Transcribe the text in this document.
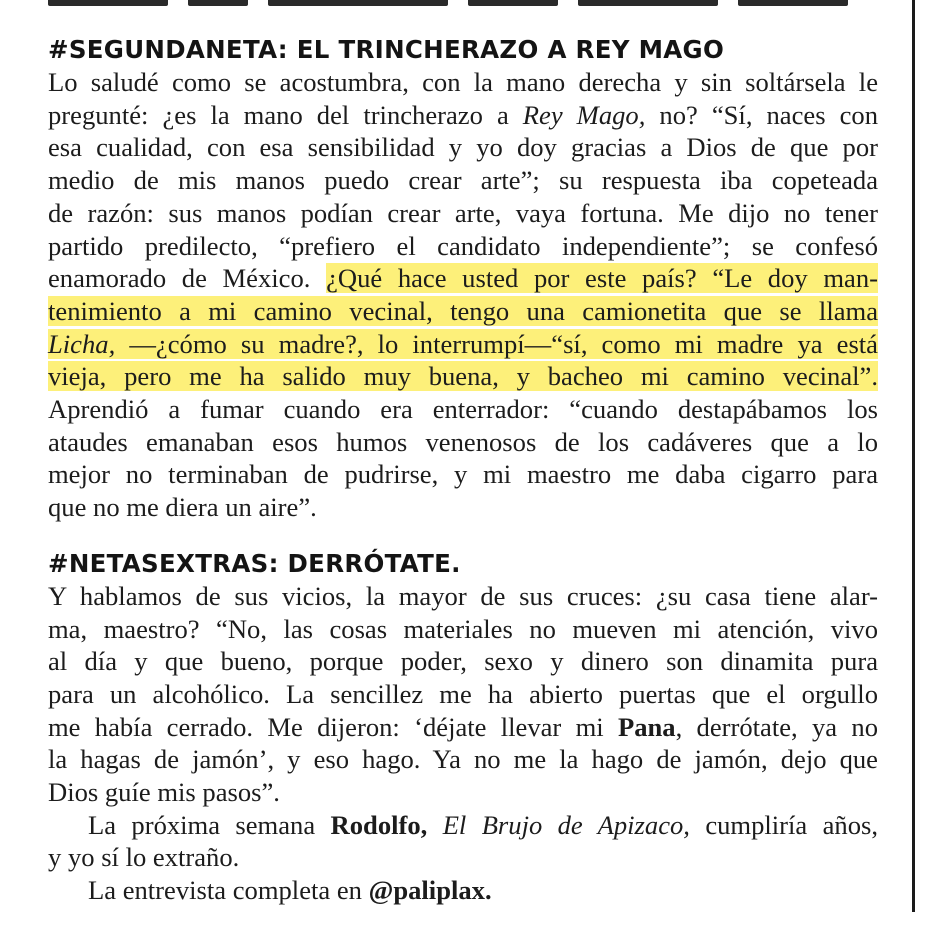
#SEGUNDANETA: EL TRINCHERAZO A REY MAGO
Lo saludé como se acostumbra, con la mano derecha y sin soltársela le
pregunté: ¿es la mano del trincherazo a Rey Mago, no? “Sí, naces con
esa cualidad, con esa sensibilidad y yo doy gracias a Dios de que por
medio de mis manos puedo crear arte”; su respuesta iba copeteada
de razón: sus manos podían crear arte, vaya fortuna. Me dijo no tener
partido predilecto, “prefiero el candidato independiente”; se confesó
enamorado de México. ¿Qué hace usted por este país? “Le doy man-
tenimiento a mi camino vecinal, tengo una camionetita que se llama
Licha, —¿cómo su madre?, lo interrumpí—“sí, como mi madre ya está
vieja, pero me ha salido muy buena, y bacheo mi camino vecinal”.
Aprendió a fumar cuando era enterrador: “cuando destapábamos los
ataudes emanaban esos humos venenosos de los cadáveres que a lo
mejor no terminaban de pudrirse, y mi maestro me daba cigarro para
que no me diera un aire”.
#NETASEXTRAS: DERRÓTATE.
Y hablamos de sus vicios, la mayor de sus cruces: ¿su casa tiene alar-
ma, maestro? “No, las cosas materiales no mueven mi atención, vivo
al día y que bueno, porque poder, sexo y dinero son dinamita pura
para un alcohólico. La sencillez me ha abierto puertas que el orgullo
me había cerrado. Me dijeron: ‘déjate llevar mi Pana, derrótate, ya no
la hagas de jamón’, y eso hago. Ya no me la hago de jamón, dejo que
Dios guíe mis pasos”.
La próxima semana Rodolfo, El Brujo de Apizaco, cumpliría años,
y yo sí lo extraño.
La entrevista completa en @paliplax.
